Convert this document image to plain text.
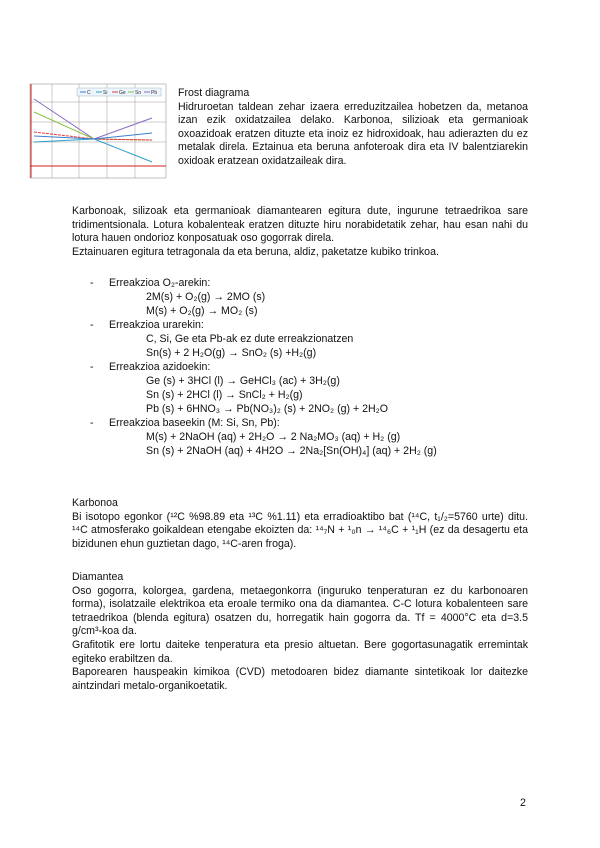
C Si Ge Sn Pb Frost diagrama

Hidruroetan taldean zehar izaera erreduzitzailea hobetzen da, metanoa izan ezik oxidatzailea delako. Karbonoa, silizioak eta germanioak oxoazidoak eratzen dituzte eta inoiz ez hidroxidoak, hau adierazten du ez metalak direla. Eztainua eta beruna anfoteroak dira eta IV balentziarekin oxidoak eratzean oxidatzaileak dira.

Karbonoak, silizoak eta germanioak diamantearen egitura dute, ingurune tetraedrikoa sare tridimentsionala. Lotura kobalenteak eratzen dituzte hiru norabidetatik zehar, hau esan nahi du lotura hauen ondorioz konposatuak oso gogorrak direla.

Eztainuaren egitura tetragonala da eta beruna, aldiz, paketatze kubiko trinkoa.

- Erreakzioa O₂-arekin:
2M(s) + O₂(g) → 2MO (s)
M(s) + O₂(g) → MO₂ (s)
- Erreakzioa urarekin:
C, Si, Ge eta Pb-ak ez dute erreakzionatzen
Sn(s) + 2 H₂O(g) → SnO₂ (s) +H₂(g)
- Erreakzioa azidoekin:
Ge (s) + 3HCl (l) → GeHCl₃ (ac) + 3H₂(g)
Sn (s) + 2HCl (l) → SnCl₂ + H₂(g)
Pb (s) + 6HNO₃ → Pb(NO₃)₂ (s) + 2NO₂ (g) + 2H₂O
- Erreakzioa baseekin (M: Si, Sn, Pb):
M(s) + 2NaOH (aq) + 2H₂O → 2 Na₂MO₃ (aq) + H₂ (g)
Sn (s) + 2NaOH (aq) + 4H2O → 2Na₂[Sn(OH)₄] (aq) + 2H₂ (g)

Karbonoa

Bi isotopo egonkor (¹²C %98.89 eta ¹³C %1.11) eta erradioaktibo bat (¹⁴C, t₁/₂=5760 urte) ditu. ¹⁴C atmosferako goikaldean etengabe ekoizten da: ¹⁴₇N + ¹₀n → ¹⁴₆C + ¹₁H (ez da desagertu eta bizidunen ehun guztietan dago, ¹⁴C-aren froga).

Diamantea

Oso gogorra, kolorgea, gardena, metaegonkorra (inguruko tenperaturan ez du karbonoaren forma), isolatzaile elektrikoa eta eroale termiko ona da diamantea. C-C lotura kobalenteen sare tetraedrikoa (blenda egitura) osatzen du, horregatik hain gogorra da. Tf = 4000°C eta d=3.5 g/cm³-koa da.

Grafitotik ere lortu daiteke tenperatura eta presio altuetan. Bere gogortasunagatik erremintak egiteko erabiltzen da.

Baporearen hauspeakin kimikoa (CVD) metodoaren bidez diamante sintetikoak lor daitezke aintzindari metalo-organikoetatik.

2
